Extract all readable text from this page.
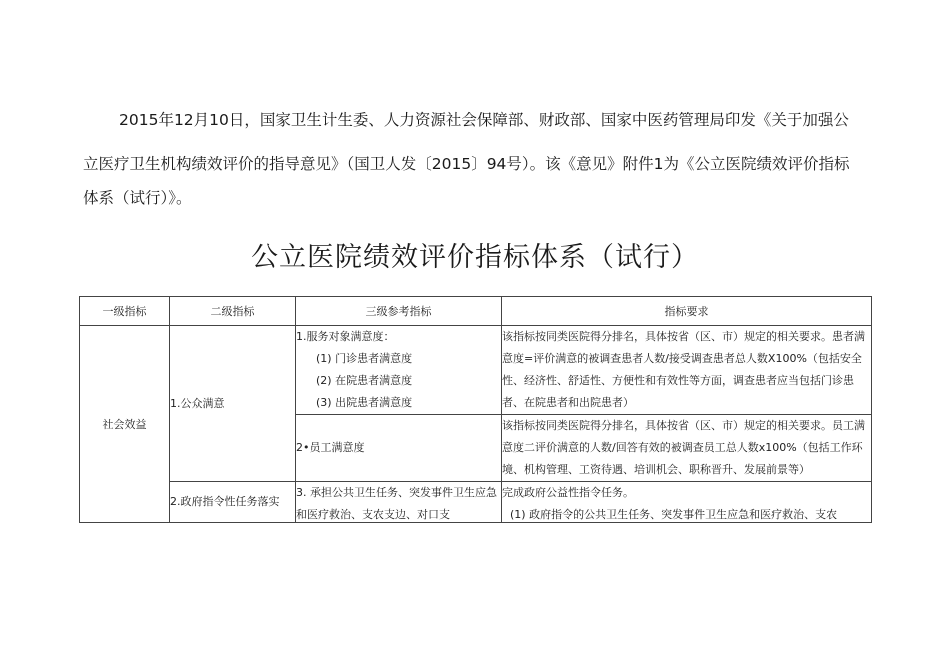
2015年12月10日，国家卫生计生委、人力资源社会保障部、财政部、国家中医药管理局印发《关于加强公
立医疗卫生机构绩效评价的指导意见》（国卫人发〔2015〕94号）。该《意见》附件1为《公立医院绩效评价指标
体系（试行）》。
公立医院绩效评价指标体系（试行）
一级指标	二级指标	三级参考指标	指标要求
社会效益	1.公众满意	1.服务对象满意度：
(1) 门诊患者满意度
(2) 在院患者满意度
(3) 出院患者满意度	该指标按同类医院得分排名，具体按省（区、市）规定的相关要求。患者满意度=评价满意的被调查患者人数/接受调查患者总人数X100%（包括安全性、经济性、舒适性、方便性和有效性等方面，调查患者应当包括门诊患者、在院患者和出院患者）
		2•员工满意度	该指标按同类医院得分排名，具体按省（区、市）规定的相关要求。员工满意度二评价满意的人数/回答有效的被调查员工总人数x100%（包括工作环境、机构管理、工资待遇、培训机会、职称晋升、发展前景等）
	2.政府指令性任务落实	3. 承担公共卫生任务、突发事件卫生应急和医疗救治、支农支边、对口支	完成政府公益性指令任务。
(1) 政府指令的公共卫生任务、突发事件卫生应急和医疗救治、支农
